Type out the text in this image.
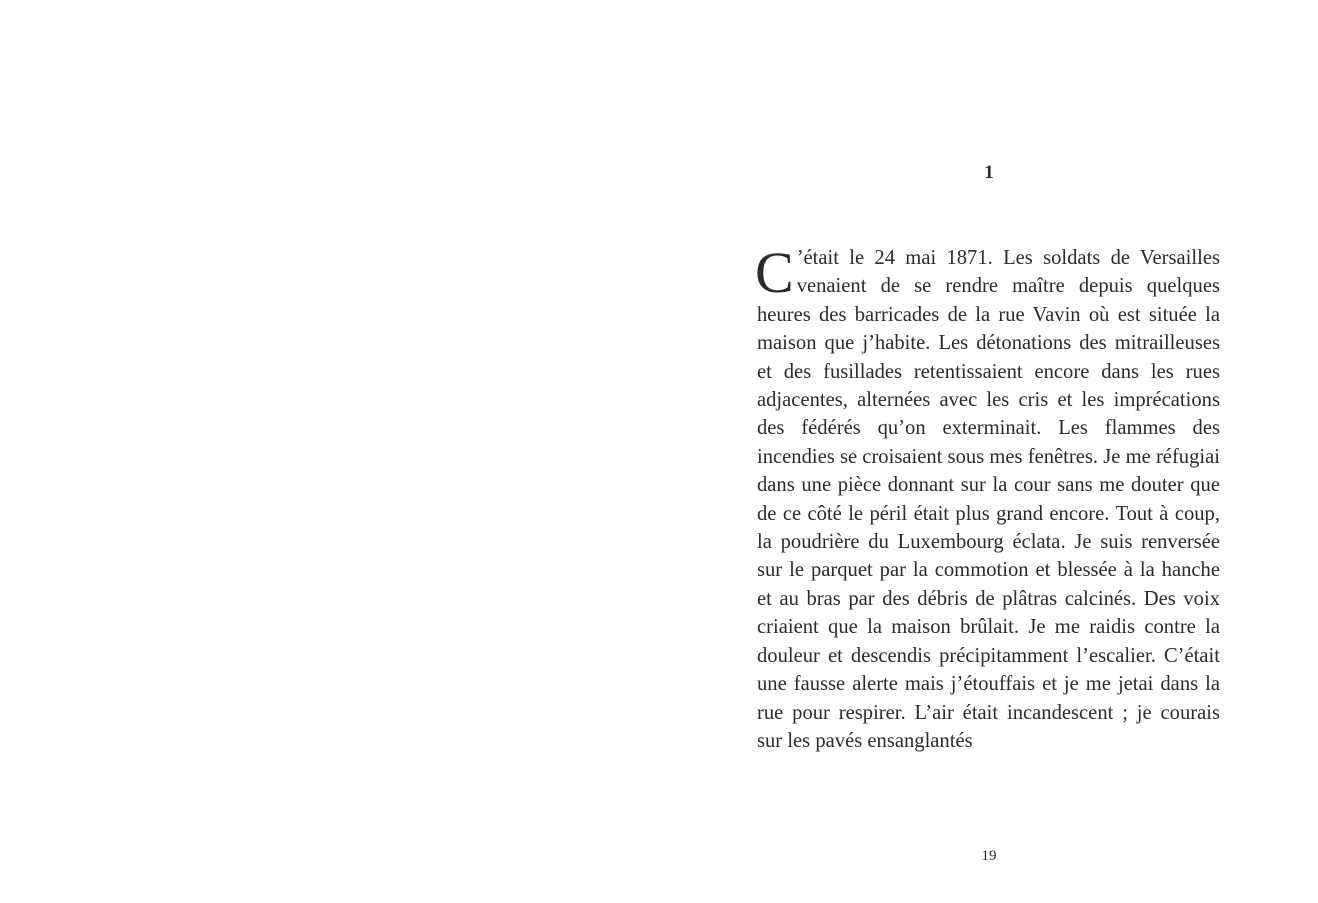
1

C ’était le 24 mai 1871. Les soldats de Versailles venaient de se rendre maître depuis quelques heures des barricades de la rue Vavin où est située la maison que j’habite. Les détonations des mitrailleuses et des fusillades retentissaient encore dans les rues adjacentes, alternées avec les cris et les imprécations des fédérés qu’on exterminait. Les flammes des incendies se croisaient sous mes fenêtres. Je me réfugiai dans une pièce donnant sur la cour sans me douter que de ce côté le péril était plus grand encore. Tout à coup, la poudrière du Luxembourg éclata. Je suis renversée sur le parquet par la commotion et blessée à la hanche et au bras par des débris de plâtras calcinés. Des voix criaient que la maison brûlait. Je me raidis contre la douleur et descendis précipitamment l’escalier. C’était une fausse alerte mais j’étouffais et je me jetai dans la rue pour respirer. L’air était incandescent ; je courais sur les pavés ensanglantés

19
